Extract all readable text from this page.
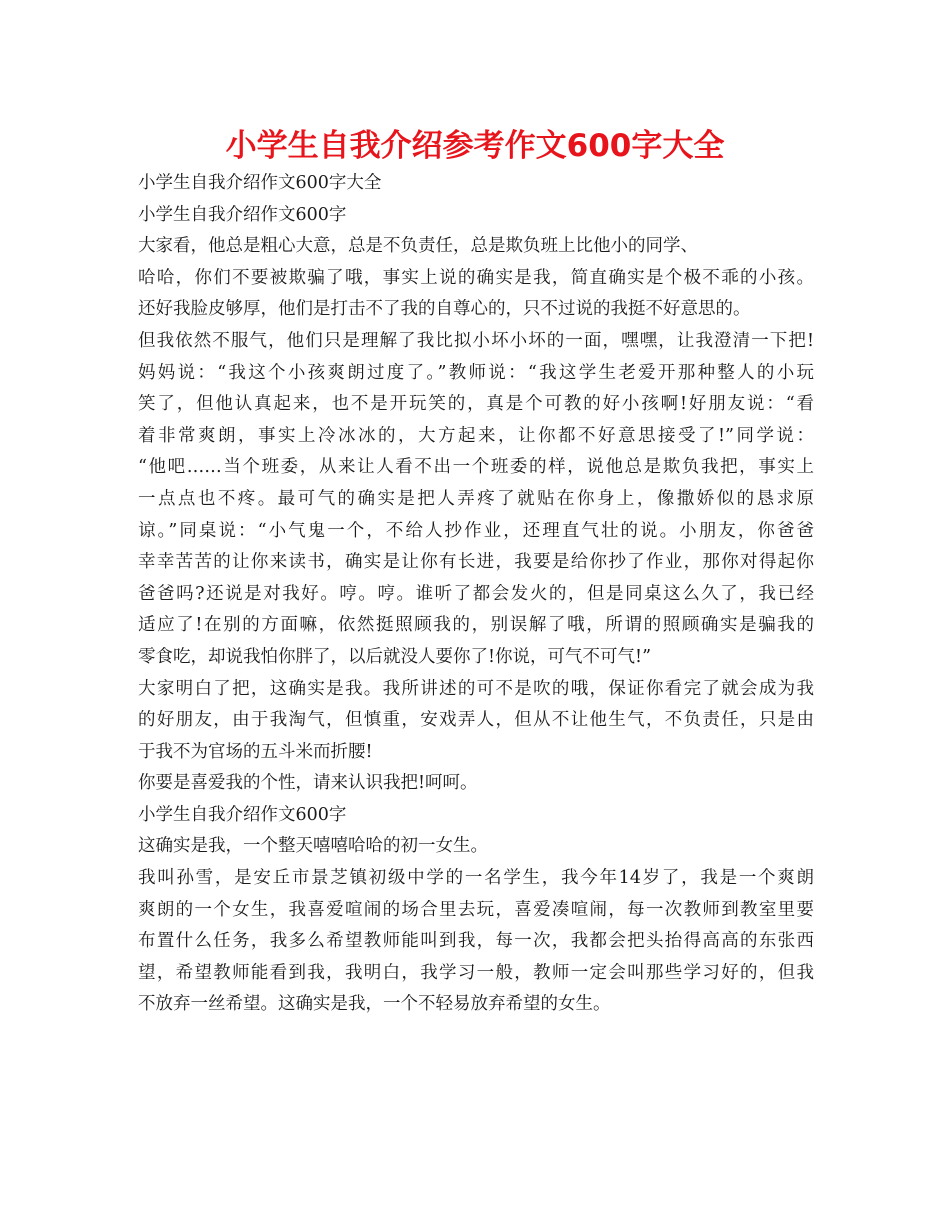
小学生自我介绍参考作文600字大全
小学生自我介绍作文600字大全
小学生自我介绍作文600字
大家看，他总是粗心大意，总是不负责任，总是欺负班上比他小的同学、
哈哈，你们不要被欺骗了哦，事实上说的确实是我，简直确实是个极不乖的小孩。
还好我脸皮够厚，他们是打击不了我的自尊心的，只不过说的我挺不好意思的。
但我依然不服气，他们只是理解了我比拟小坏小坏的一面，嘿嘿，让我澄清一下把!
妈妈说：“我这个小孩爽朗过度了。”教师说：“我这学生老爱开那种整人的小玩
笑了，但他认真起来，也不是开玩笑的，真是个可教的好小孩啊!好朋友说：“看
着非常爽朗，事实上冷冰冰的，大方起来，让你都不好意思接受了!”同学说：
“他吧……当个班委，从来让人看不出一个班委的样，说他总是欺负我把，事实上
一点点也不疼。最可气的确实是把人弄疼了就贴在你身上，像撒娇似的恳求原
谅。”同桌说：“小气鬼一个，不给人抄作业，还理直气壮的说。小朋友，你爸爸
幸幸苦苦的让你来读书，确实是让你有长进，我要是给你抄了作业，那你对得起你
爸爸吗?还说是对我好。哼。哼。谁听了都会发火的，但是同桌这么久了，我已经
适应了!在别的方面嘛，依然挺照顾我的，别误解了哦，所谓的照顾确实是骗我的
零食吃，却说我怕你胖了，以后就没人要你了!你说，可气不可气!”
大家明白了把，这确实是我。我所讲述的可不是吹的哦，保证你看完了就会成为我
的好朋友，由于我淘气，但慎重，安戏弄人，但从不让他生气，不负责任，只是由
于我不为官场的五斗米而折腰!
你要是喜爱我的个性，请来认识我把!呵呵。
小学生自我介绍作文600字
这确实是我，一个整天嘻嘻哈哈的初一女生。
我叫孙雪，是安丘市景芝镇初级中学的一名学生，我今年14岁了，我是一个爽朗
爽朗的一个女生，我喜爱喧闹的场合里去玩，喜爱凑喧闹，每一次教师到教室里要
布置什么任务，我多么希望教师能叫到我，每一次，我都会把头抬得高高的东张西
望，希望教师能看到我，我明白，我学习一般，教师一定会叫那些学习好的，但我
不放弃一丝希望。这确实是我，一个不轻易放弃希望的女生。
